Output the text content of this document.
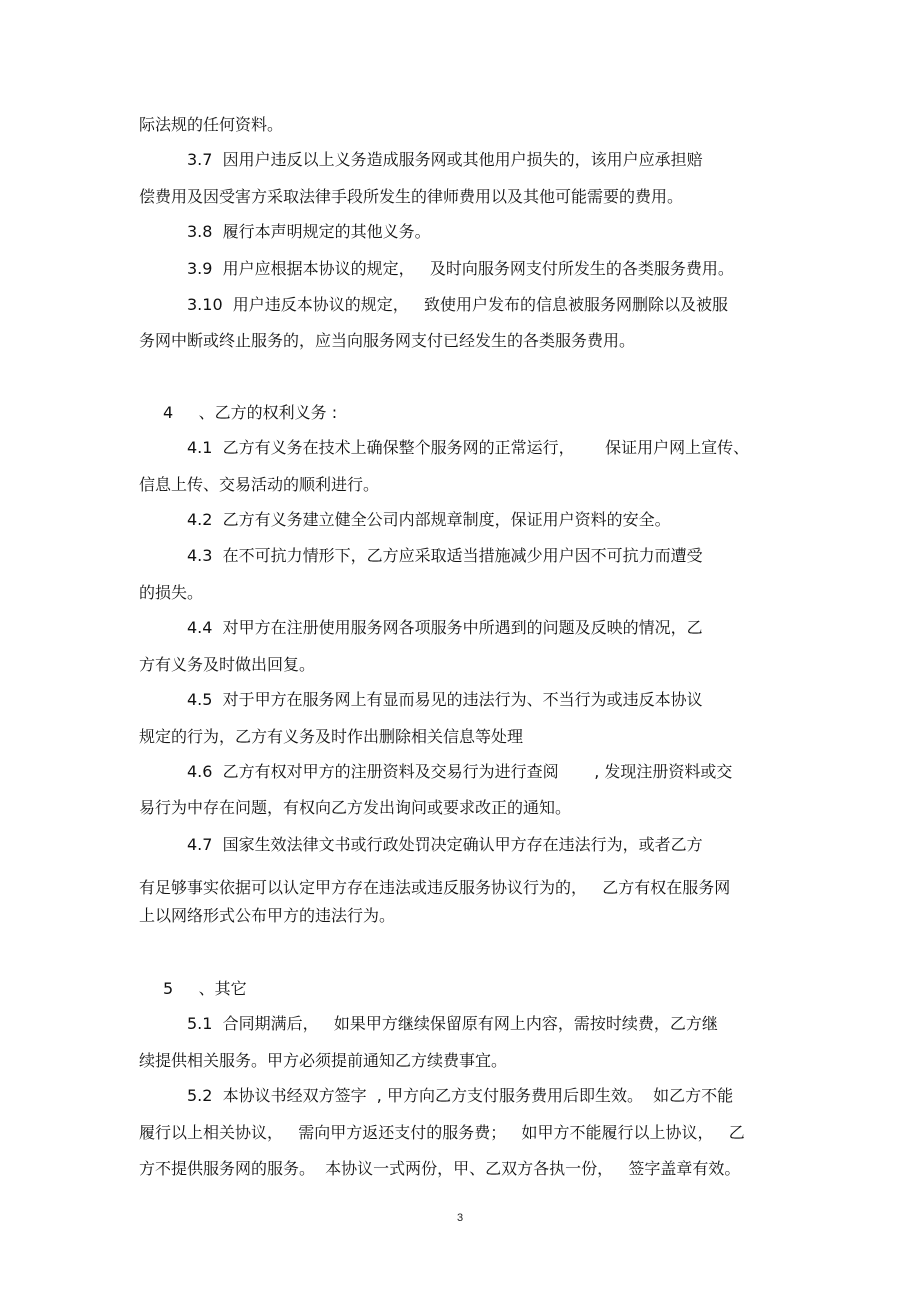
际法规的任何资料。
3.7  因用户违反以上义务造成服务网或其他用户损失的，该用户应承担赔
偿费用及因受害方采取法律手段所发生的律师费用以及其他可能需要的费用。
3.8  履行本声明规定的其他义务。
3.9  用户应根据本协议的规定，   及时向服务网支付所发生的各类服务费用。
3.10  用户违反本协议的规定，   致使用户发布的信息被服务网删除以及被服
务网中断或终止服务的，应当向服务网支付已经发生的各类服务费用。
4     、乙方的权利义务 :
4.1  乙方有义务在技术上确保整个服务网的正常运行，      保证用户网上宣传、
信息上传、交易活动的顺利进行。
4.2  乙方有义务建立健全公司内部规章制度，保证用户资料的安全。
4.3  在不可抗力情形下，乙方应采取适当措施减少用户因不可抗力而遭受
的损失。
4.4  对甲方在注册使用服务网各项服务中所遇到的问题及反映的情况，乙
方有义务及时做出回复。
4.5  对于甲方在服务网上有显而易见的违法行为、不当行为或违反本协议
规定的行为，乙方有义务及时作出删除相关信息等处理
4.6  乙方有权对甲方的注册资料及交易行为进行查阅       , 发现注册资料或交
易行为中存在问题，有权向乙方发出询问或要求改正的通知。
4.7  国家生效法律文书或行政处罚决定确认甲方存在违法行为，或者乙方
有足够事实依据可以认定甲方存在违法或违反服务协议行为的，   乙方有权在服务网
上以网络形式公布甲方的违法行为。
5     、其它
5.1  合同期满后，   如果甲方继续保留原有网上内容，需按时续费，乙方继
续提供相关服务。甲方必须提前通知乙方续费事宜。
5.2  本协议书经双方签字  , 甲方向乙方支付服务费用后即生效。  如乙方不能
履行以上相关协议，   需向甲方返还支付的服务费；   如甲方不能履行以上协议，   乙
方不提供服务网的服务。  本协议一式两份，甲、乙双方各执一份，   签字盖章有效。
3
